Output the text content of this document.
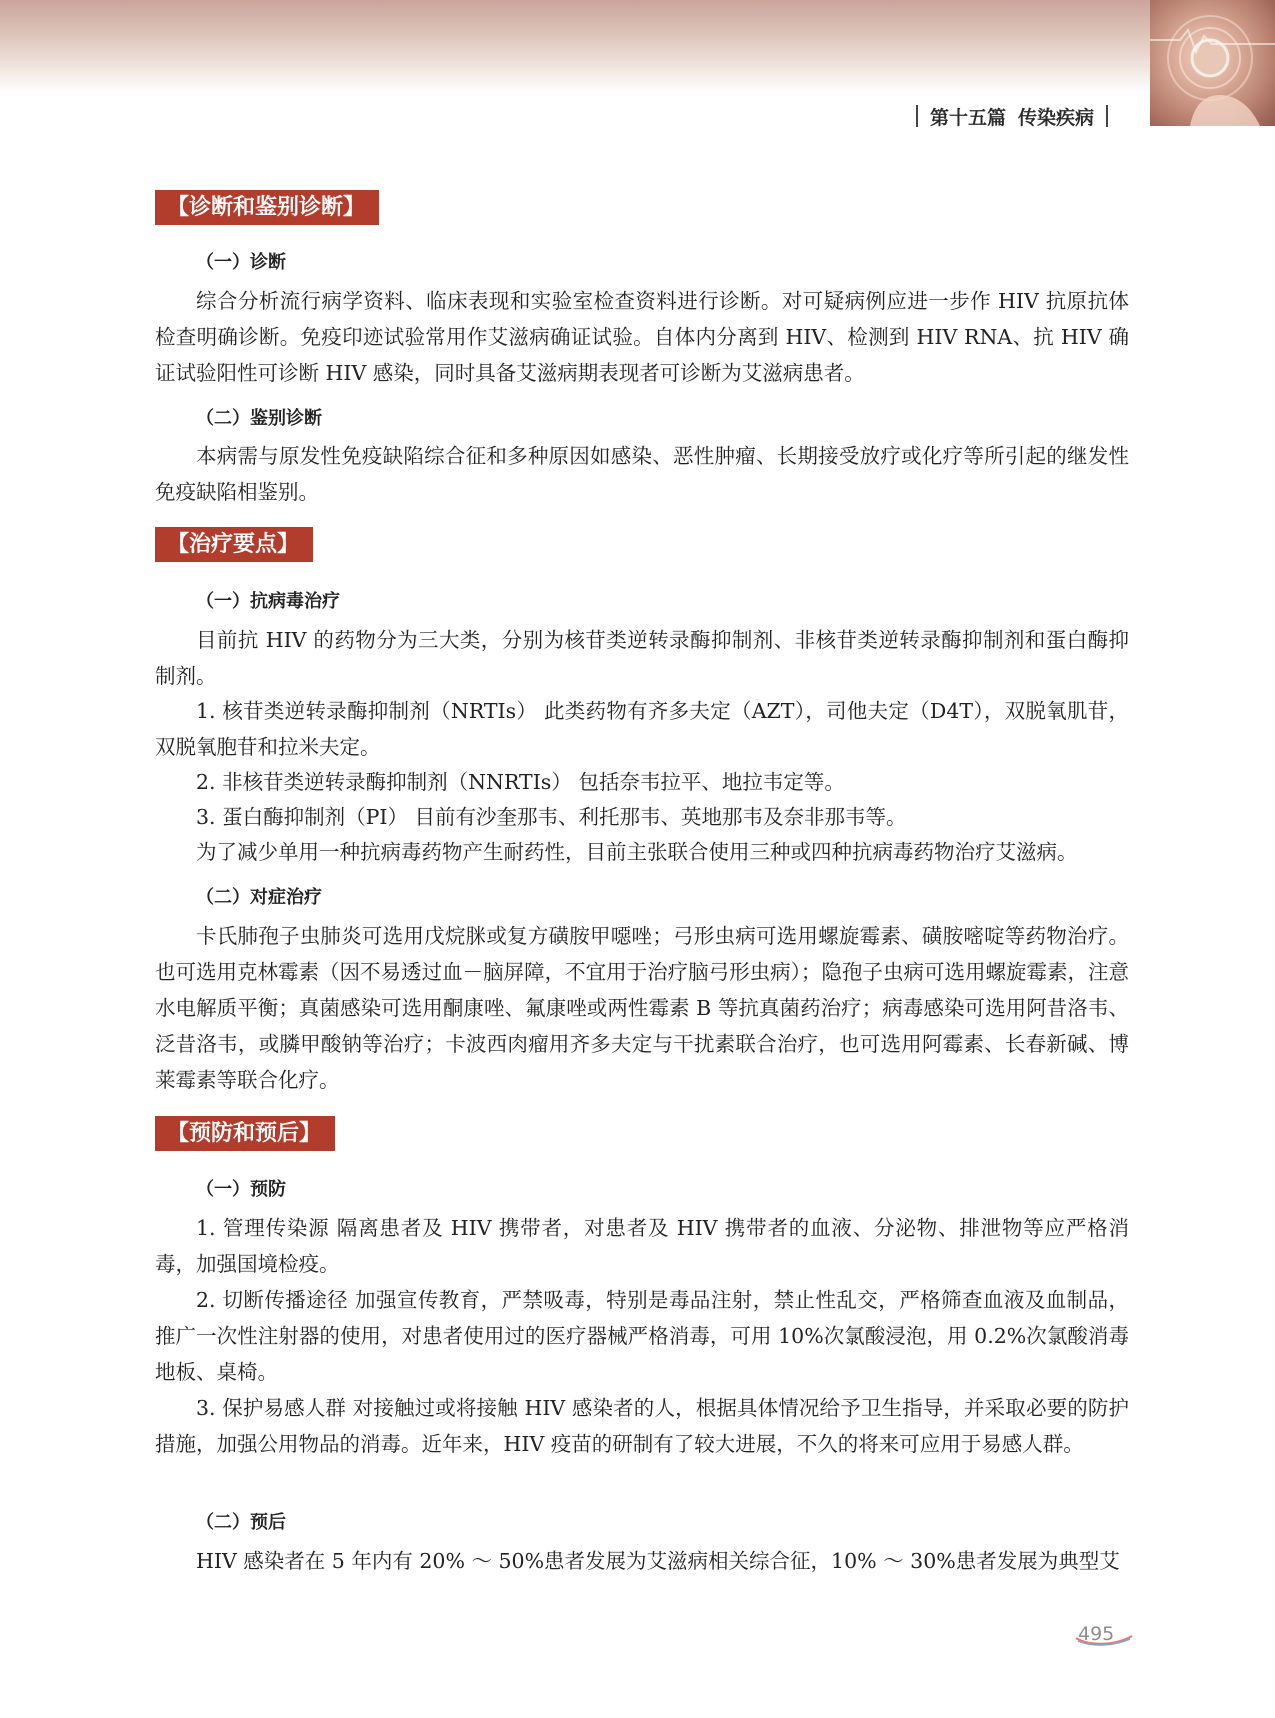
第十五篇 传染疾病
【诊断和鉴别诊断】
（一）诊断

综合分析流行病学资料、临床表现和实验室检查资料进行诊断。对可疑病例应进一步作 HIV 抗原抗体检查明确诊断。免疫印迹试验常用作艾滋病确证试验。自体内分离到 HIV、检测到 HIV RNA、抗 HIV 确证试验阳性可诊断 HIV 感染，同时具备艾滋病期表现者可诊断为艾滋病患者。

（二）鉴别诊断

本病需与原发性免疫缺陷综合征和多种原因如感染、恶性肿瘤、长期接受放疗或化疗等所引起的继发性免疫缺陷相鉴别。

【治疗要点】
（一）抗病毒治疗

目前抗 HIV 的药物分为三大类，分别为核苷类逆转录酶抑制剂、非核苷类逆转录酶抑制剂和蛋白酶抑制剂。

1. 核苷类逆转录酶抑制剂（NRTIs） 此类药物有齐多夫定（AZT），司他夫定（D4T），双脱氧肌苷，双脱氧胞苷和拉米夫定。

2. 非核苷类逆转录酶抑制剂（NNRTIs） 包括奈韦拉平、地拉韦定等。

3. 蛋白酶抑制剂（PI） 目前有沙奎那韦、利托那韦、英地那韦及奈非那韦等。

为了减少单用一种抗病毒药物产生耐药性，目前主张联合使用三种或四种抗病毒药物治疗艾滋病。

（二）对症治疗

卡氏肺孢子虫肺炎可选用戊烷脒或复方磺胺甲噁唑；弓形虫病可选用螺旋霉素、磺胺嘧啶等药物治疗。也可选用克林霉素（因不易透过血－脑屏障，不宜用于治疗脑弓形虫病）；隐孢子虫病可选用螺旋霉素，注意水电解质平衡；真菌感染可选用酮康唑、氟康唑或两性霉素 B 等抗真菌药治疗；病毒感染可选用阿昔洛韦、泛昔洛韦，或膦甲酸钠等治疗；卡波西肉瘤用齐多夫定与干扰素联合治疗，也可选用阿霉素、长春新碱、博莱霉素等联合化疗。

【预防和预后】
（一）预防

1. 管理传染源 隔离患者及 HIV 携带者，对患者及 HIV 携带者的血液、分泌物、排泄物等应严格消毒，加强国境检疫。

2. 切断传播途径 加强宣传教育，严禁吸毒，特别是毒品注射，禁止性乱交，严格筛查血液及血制品，推广一次性注射器的使用，对患者使用过的医疗器械严格消毒，可用 10%次氯酸浸泡，用 0.2%次氯酸消毒地板、桌椅。

3. 保护易感人群 对接触过或将接触 HIV 感染者的人，根据具体情况给予卫生指导，并采取必要的防护措施，加强公用物品的消毒。近年来，HIV 疫苗的研制有了较大进展，不久的将来可应用于易感人群。

（二）预后

HIV 感染者在 5 年内有 20% ～ 50%患者发展为艾滋病相关综合征，10% ～ 30%患者发展为典型艾

495
